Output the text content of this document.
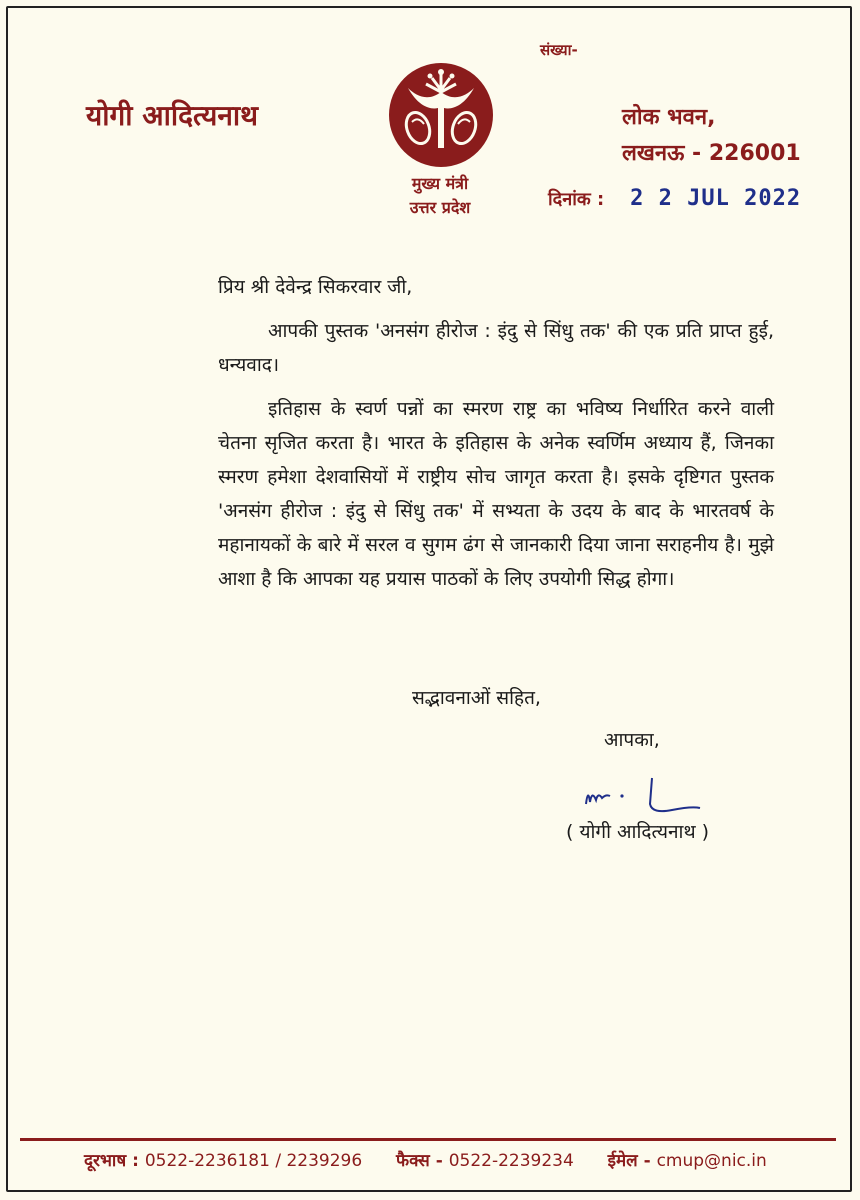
संख्या-
योगी आदित्यनाथ
मुख्य मंत्री
उत्तर प्रदेश
लोक भवन,
लखनऊ - 226001
दिनांक : 2 2 JUL 2022

प्रिय श्री देवेन्द्र सिकरवार जी,

आपकी पुस्तक 'अनसंग हीरोज : इंदु से सिंधु तक' की एक प्रति प्राप्त हुई, धन्यवाद।

इतिहास के स्वर्ण पन्नों का स्मरण राष्ट्र का भविष्य निर्धारित करने वाली चेतना सृजित करता है। भारत के इतिहास के अनेक स्वर्णिम अध्याय हैं, जिनका स्मरण हमेशा देशवासियों में राष्ट्रीय सोच जागृत करता है। इसके दृष्टिगत पुस्तक 'अनसंग हीरोज : इंदु से सिंधु तक' में सभ्यता के उदय के बाद के भारतवर्ष के महानायकों के बारे में सरल व सुगम ढंग से जानकारी दिया जाना सराहनीय है। मुझे आशा है कि आपका यह प्रयास पाठकों के लिए उपयोगी सिद्ध होगा।

सद्भावनाओं सहित,
आपका,
( योगी आदित्यनाथ )
दूरभाष : 0522-2236181 / 2239296 फैक्स - 0522-2239234 ईमेल - cmup@nic.in
